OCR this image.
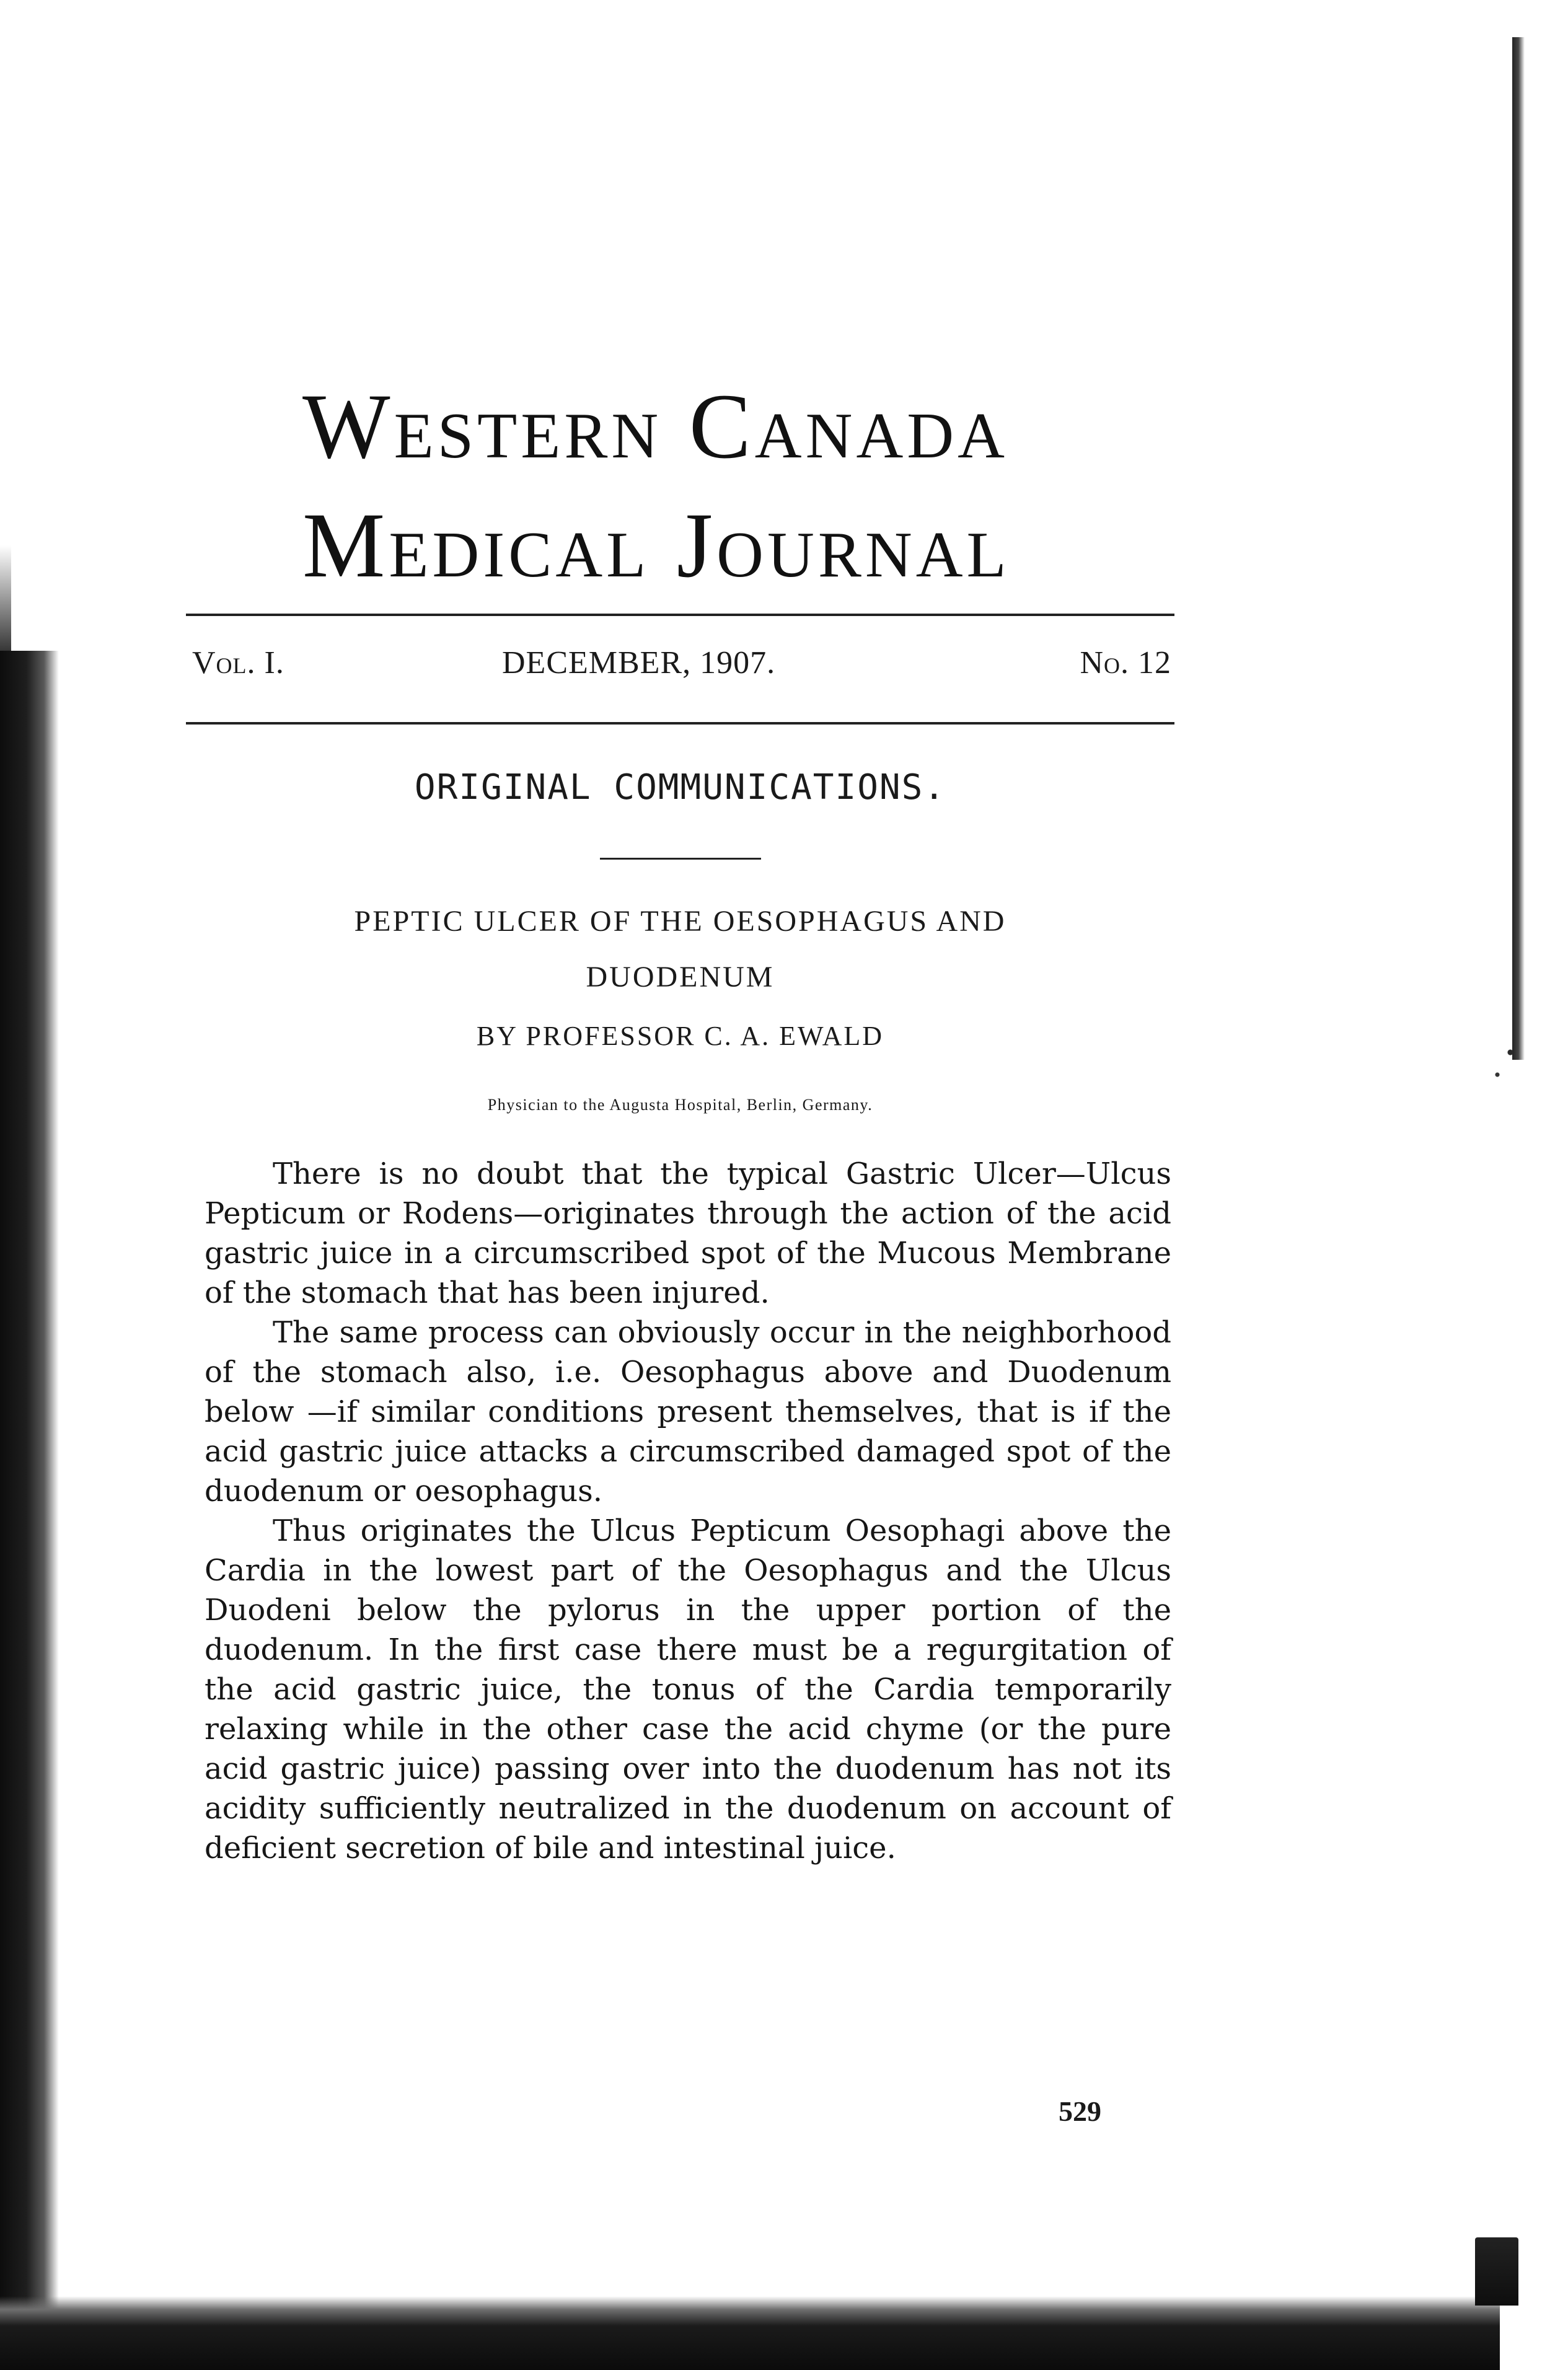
Western Canada
Medical Journal
Vol. I.	DECEMBER, 1907.	No. 12
ORIGINAL COMMUNICATIONS.
PEPTIC ULCER OF THE OESOPHAGUS AND
DUODENUM
BY PROFESSOR C. A. EWALD
Physician to the Augusta Hospital, Berlin, Germany.

There is no doubt that the typical Gastric Ulcer—Ulcus Pepticum or Rodens—originates through the action of the acid gastric juice in a circumscribed spot of the Mucous Membrane of the stomach that has been injured.

The same process can obviously occur in the neighborhood of the stomach also, i.e. Oesophagus above and Duodenum below —if similar conditions present themselves, that is if the acid gastric juice attacks a circumscribed damaged spot of the duodenum or oesophagus.

Thus originates the Ulcus Pepticum Oesophagi above the Cardia in the lowest part of the Oesophagus and the Ulcus Duodeni below the pylorus in the upper portion of the duodenum. In the first case there must be a regurgitation of the acid gastric juice, the tonus of the Cardia temporarily relaxing while in the other case the acid chyme (or the pure acid gastric juice) passing over into the duodenum has not its acidity sufficiently neutralized in the duodenum on account of deficient secretion of bile and intestinal juice.

529
